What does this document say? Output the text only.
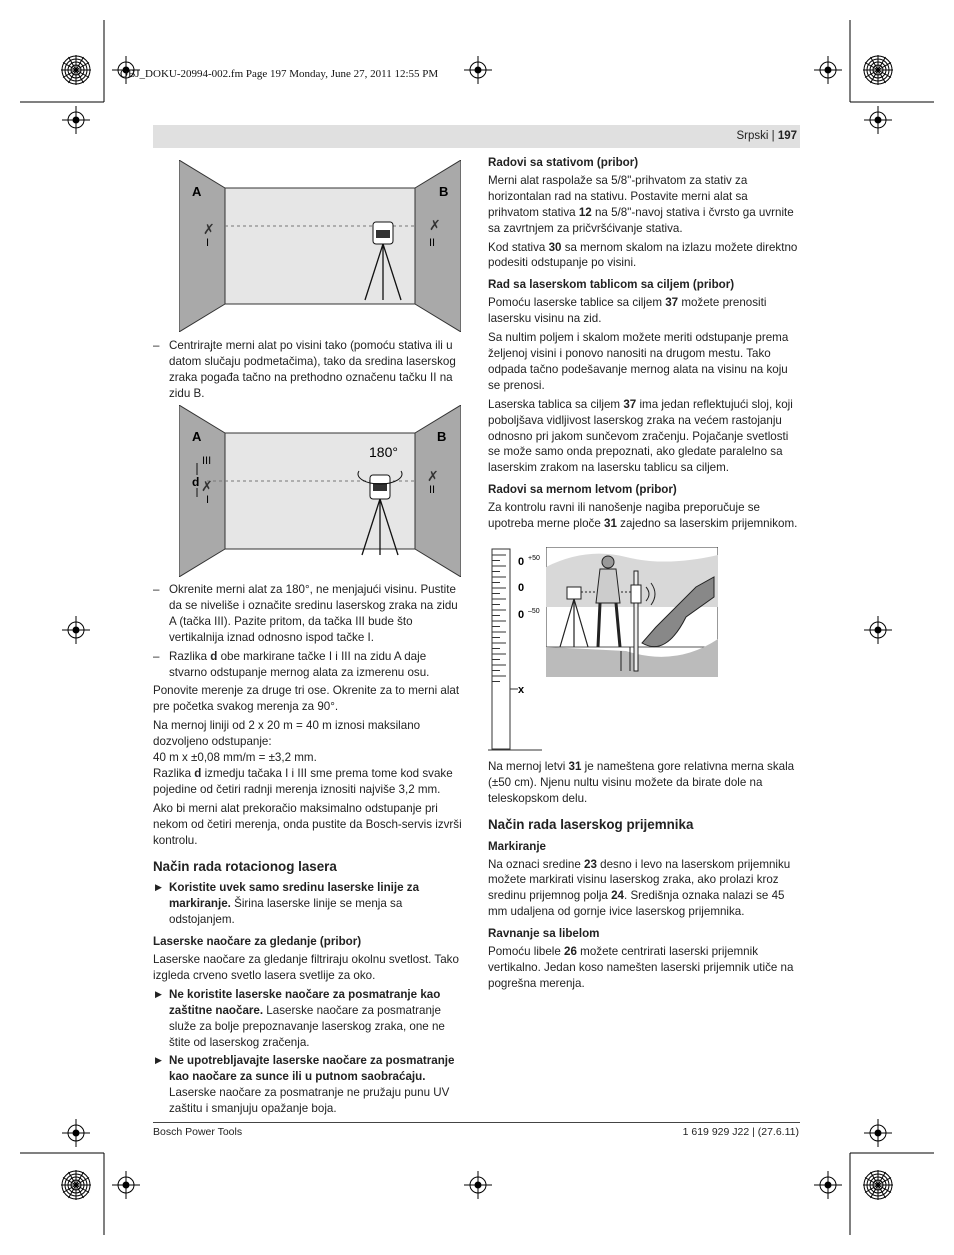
OBJ_DOKU-20994-002.fm Page 197 Monday, June 27, 2011 12:55 PM
Srpski | 197
A	B
✗
I
✗
II
180°
A	B
III
d ✗
I
✗
II
0 +50
0
0 –50
x

– Centrirajte merni alat po visini tako (pomoću stativa ili u datom slučaju podmetačima), tako da sredina laserskog zraka pogađa tačno na prethodno označenu tačku II na zidu B.

– Okrenite merni alat za 180°, ne menjajući visinu. Pustite da se niveliše i označite sredinu laserskog zraka na zidu A (tačka III). Pazite pritom, da tačka III bude što vertikalnija iznad odnosno ispod tačke I.

– Razlika d obe markirane tačke I i III na zidu A daje stvarno odstupanje mernog alata za izmerenu osu.

Ponovite merenje za druge tri ose. Okrenite za to merni alat pre početka svakog merenja za 90°.

Na mernoj liniji od 2 x 20 m = 40 m iznosi maksilano dozvoljeno odstupanje:

40 m x ±0,08 mm/m = ±3,2 mm.

Razlika d izmedju tačaka I i III sme prema tome kod svake pojedine od četiri radnji merenja iznositi najviše 3,2 mm.

Ako bi merni alat prekoračio maksimalno odstupanje pri nekom od četiri merenja, onda pustite da Bosch-servis izvrši kontrolu.

Način rada rotacionog lasera

▶ Koristite uvek samo sredinu laserske linije za markiranje. Širina laserske linije se menja sa odstojanjem.

Laserske naočare za gledanje (pribor)

Laserske naočare za gledanje filtriraju okolnu svetlost. Tako izgleda crveno svetlo lasera svetlije za oko.

▶ Ne koristite laserske naočare za posmatranje kao zaštitne naočare. Laserske naočare za posmatranje služe za bolje prepoznavanje laserskog zraka, one ne štite od laserskog zračenja.

▶ Ne upotrebljavajte laserske naočare za posmatranje kao naočare za sunce ili u putnom saobraćaju. Laserske naočare za posmatranje ne pružaju punu UV zaštitu i smanjuju opažanje boja.

Radovi sa stativom (pribor)

Merni alat raspolaže sa 5/8"-prihvatom za stativ za horizontalan rad na stativu. Postavite merni alat sa prihvatom stativa 12 na 5/8"-navoj stativa i čvrsto ga uvrnite sa zavrtnjem za pričvršćivanje stativa.

Kod stativa 30 sa mernom skalom na izlazu možete direktno podesiti odstupanje po visini.

Rad sa laserskom tablicom sa ciljem (pribor)

Pomoću laserske tablice sa ciljem 37 možete prenositi lasersku visinu na zid.

Sa nultim poljem i skalom možete meriti odstupanje prema željenoj visini i ponovo nanositi na drugom mestu. Tako odpada tačno podešavanje mernog alata na visinu na koju se prenosi.

Laserska tablica sa ciljem 37 ima jedan reflektujući sloj, koji poboljšava vidljivost laserskog zraka na većem rastojanju odnosno pri jakom sunčevom zračenju. Pojačanje svetlosti se može samo onda prepoznati, ako gledate paralelno sa laserskim zrakom na lasersku tablicu sa ciljem.

Radovi sa mernom letvom (pribor)

Za kontrolu ravni ili nanošenje nagiba preporučuje se upotreba merne ploče 31 zajedno sa laserskim prijemnikom.

Na mernoj letvi 31 je nameštena gore relativna merna skala (±50 cm). Njenu nultu visinu možete da birate dole na teleskopskom delu.

Način rada laserskog prijemnika
Markiranje

Na oznaci sredine 23 desno i levo na laserskom prijemniku možete markirati visinu laserskog zraka, ako prolazi kroz sredinu prijemnog polja 24. Središnja oznaka nalazi se 45 mm udaljena od gornje ivice laserskog prijemnika.

Ravnanje sa libelom

Pomoću libele 26 možete centrirati laserski prijemnik vertikalno. Jedan koso namešten laserski prijemnik utiče na pogrešna merenja.

Bosch Power Tools	1 619 929 J22 | (27.6.11)
